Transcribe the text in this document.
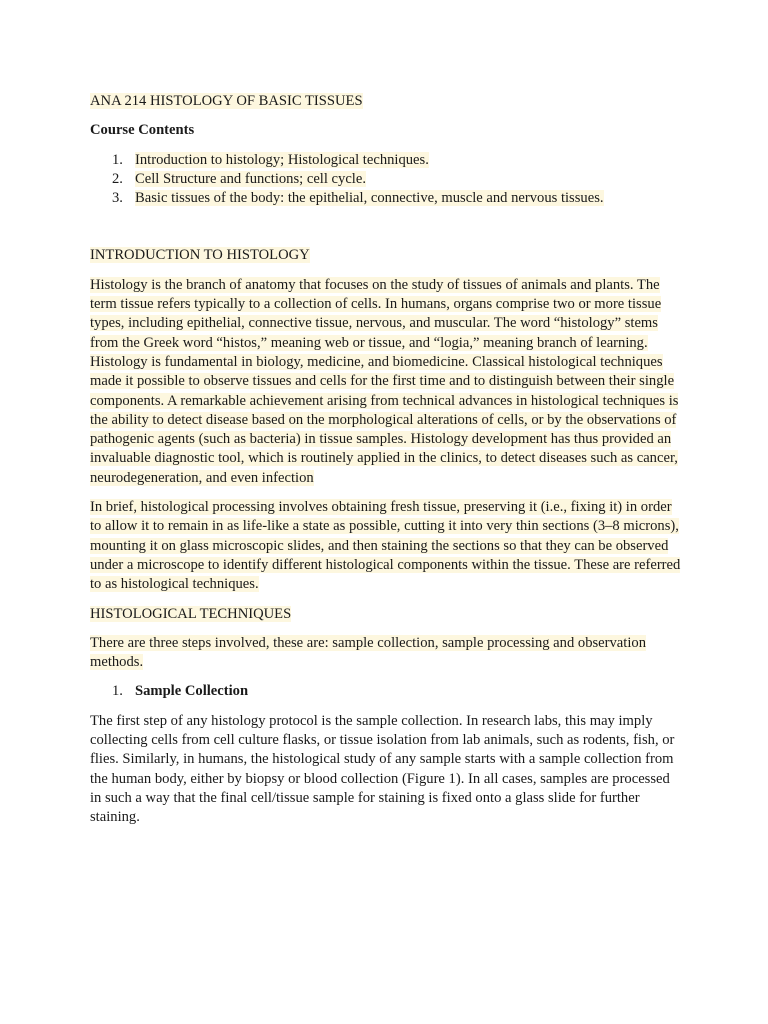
ANA 214 HISTOLOGY OF BASIC TISSUES

Course Contents

1. Introduction to histology; Histological techniques.
2. Cell Structure and functions; cell cycle.
3. Basic tissues of the body: the epithelial, connective, muscle and nervous tissues.

INTRODUCTION TO HISTOLOGY

Histology is the branch of anatomy that focuses on the study of tissues of animals and plants. The term tissue refers typically to a collection of cells. In humans, organs comprise two or more tissue types, including epithelial, connective tissue, nervous, and muscular. The word “histology” stems from the Greek word “histos,” meaning web or tissue, and “logia,” meaning branch of learning. Histology is fundamental in biology, medicine, and biomedicine. Classical histological techniques made it possible to observe tissues and cells for the first time and to distinguish between their single components. A remarkable achievement arising from technical advances in histological techniques is the ability to detect disease based on the morphological alterations of cells, or by the observations of pathogenic agents (such as bacteria) in tissue samples. Histology development has thus provided an invaluable diagnostic tool, which is routinely applied in the clinics, to detect diseases such as cancer, neurodegeneration, and even infection

In brief, histological processing involves obtaining fresh tissue, preserving it (i.e., fixing it) in order to allow it to remain in as life-like a state as possible, cutting it into very thin sections (3–8 microns), mounting it on glass microscopic slides, and then staining the sections so that they can be observed under a microscope to identify different histological components within the tissue. These are referred to as histological techniques.

HISTOLOGICAL TECHNIQUES

There are three steps involved, these are: sample collection, sample processing and observation methods.

1. Sample Collection

The first step of any histology protocol is the sample collection. In research labs, this may imply collecting cells from cell culture flasks, or tissue isolation from lab animals, such as rodents, fish, or flies. Similarly, in humans, the histological study of any sample starts with a sample collection from the human body, either by biopsy or blood collection (Figure 1). In all cases, samples are processed in such a way that the final cell/tissue sample for staining is fixed onto a glass slide for further staining.
